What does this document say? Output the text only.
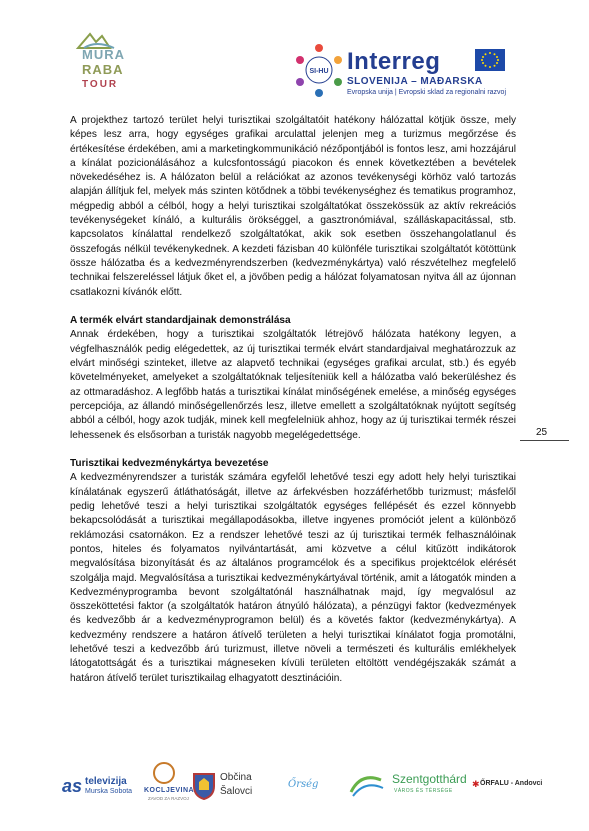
MURA
RABA
TOUR
SI-HU Interreg
SLOVENIJA – MAĐARSKA
Evropska unija | Evropski sklad za regionalni razvoj

A projekthez tartozó terület helyi turisztikai szolgáltatóit hatékony hálózattal kötjük össze, mely képes lesz arra, hogy egységes grafikai arculattal jelenjen meg a turizmus megőrzése és értékesítése érdekében, ami a marketingkommunikáció nézőpontjából is fontos lesz, ami hozzájárul a kínálat pozicionálásához a kulcsfontosságú piacokon és ennek következtében a bevételek növekedéséhez is. A hálózaton belül a relációkat az azonos tevékenységi körhöz való tartozás alapján állítjuk fel, melyek más szinten kötődnek a többi tevékenységhez és tematikus programhoz, mégpedig abból a célból, hogy a helyi turisztikai szolgáltatókat összekössük az aktív rekreációs tevékenységeket kínáló, a kulturális örökséggel, a gasztronómiával, szálláskapacitással, stb. kapcsolatos kínálattal rendelkező szolgáltatókat, akik sok esetben összehangolatlanul és összefogás nélkül tevékenykednek. A kezdeti fázisban 40 különféle turisztikai szolgáltatót kötöttünk össze hálózatba és a kedvezményrendszerben (kedvezménykártya) való részvételhez megfelelő technikai felszereléssel látjuk őket el, a jövőben pedig a hálózat folyamatosan nyitva áll az újonnan csatlakozni kívánók előtt.

A termék elvárt standardjainak demonstrálása

Annak érdekében, hogy a turisztikai szolgáltatók létrejövő hálózata hatékony legyen, a végfelhasználók pedig elégedettek, az új turisztikai termék elvárt standardjaival meghatározzuk az elvárt minőségi szinteket, illetve az alapvető technikai (egységes grafikai arculat, stb.) és egyéb követelményeket, amelyeket a szolgáltatóknak teljesíteniük kell a hálózatba való bekerüléshez és az ottmaradáshoz. A legfőbb hatás a turisztikai kínálat minőségének emelése, a minőség egységes percepciója, az állandó minőségellenőrzés lesz, illetve emellett a szolgáltatóknak nyújtott segítség abból a célból, hogy azok tudják, minek kell megfelelniük ahhoz, hogy az új turisztikai termék részei lehessenek és elsősorban a turisták nagyobb megelégedettsége.

Turisztikai kedvezménykártya bevezetése

A kedvezményrendszer a turisták számára egyfelől lehetővé teszi egy adott hely helyi turisztikai kínálatának egyszerű átláthatóságát, illetve az árfekvésben hozzáférhetőbb turizmust; másfelől pedig lehetővé teszi a helyi turisztikai szolgáltatók egységes fellépését és ezzel könnyebb bekapcsolódását a turisztikai megállapodásokba, illetve ingyenes promóciót jelent a különböző reklámozási csatornákon. Ez a rendszer lehetővé teszi az új turisztikai termék felhasználóinak pontos, hiteles és folyamatos nyilvántartását, ami közvetve a célul kitűzött indikátorok megvalósítása bizonyítását és az általános programcélok és a specifikus projektcélok elérését szolgálja majd. Megvalósítása a turisztikai kedvezménykártyával történik, amit a látogatók minden a Kedvezményprogramba bevont szolgáltatónál használhatnak majd, így megvalósul az összeköttetési faktor (a szolgáltatók határon átnyúló hálózata), a pénzügyi faktor (kedvezmények és kedvezőbb ár a kedvezményprogramon belül) és a követés faktor (kedvezménykártya). A kedvezmény rendszere a határon átívelő területen a helyi turisztikai kínálatot fogja promotálni, lehetővé teszi a kedvezőbb árú turizmust, illetve növeli a természeti és kulturális emlékhelyek látogatottságát és a turisztikai mágneseken kívüli területen eltöltött vendégéjszakák számát a határon átívelő terület turisztikailag elhagyatott desztinációin.

25
as televizija
Murska Sobota KOCLJEVINA
ZAVOD ZA RAZVOJ
Občina
Šalovci
Őrség	Szentgotthárd
VÁROS ÉS TÉRSÉGE
✱ ŐRFALU - Andovci
